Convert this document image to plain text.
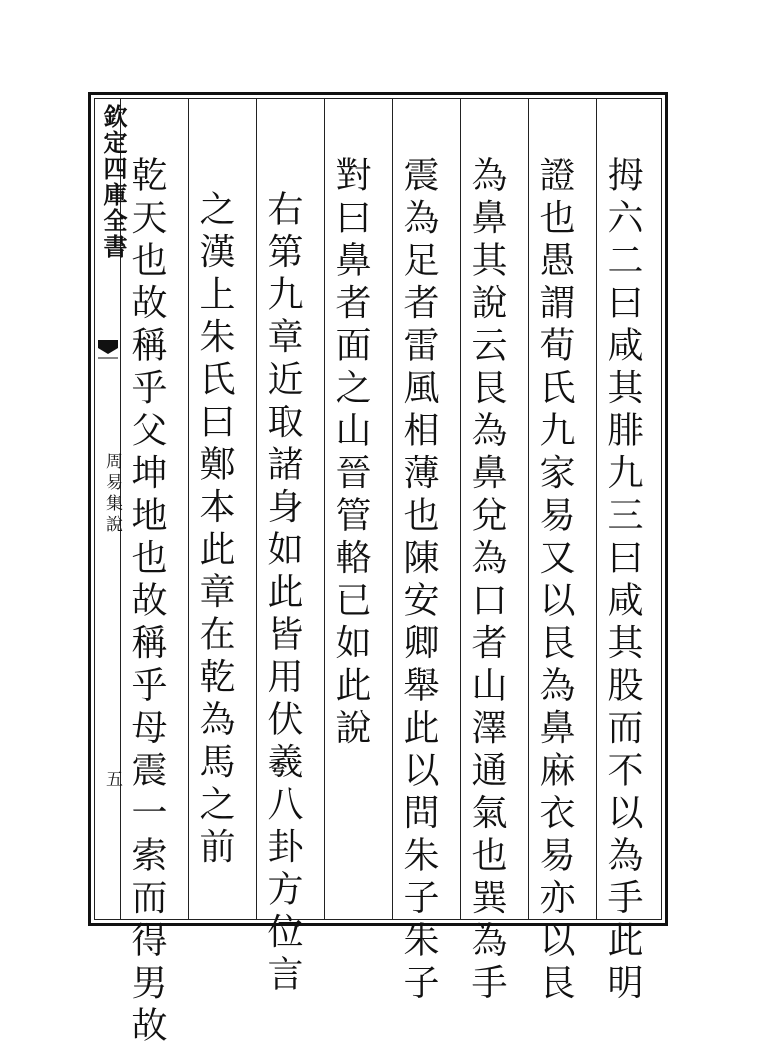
欽定四庫全書
周易集說
五	拇六二曰咸其腓九三曰咸其股而不以為手此明
證也愚謂荀氏九家易又以艮為鼻麻衣易亦以艮
為鼻其說云艮為鼻兌為口者山澤通氣也巽為手
震為足者雷風相薄也陳安卿舉此以問朱子朱子
對曰鼻者面之山晉管輅已如此說
右第九章近取諸身如此皆用伏羲八卦方位言
之漢上朱氏曰鄭本此章在乾為馬之前
乾天也故稱乎父坤地也故稱乎母震一索而得男故
